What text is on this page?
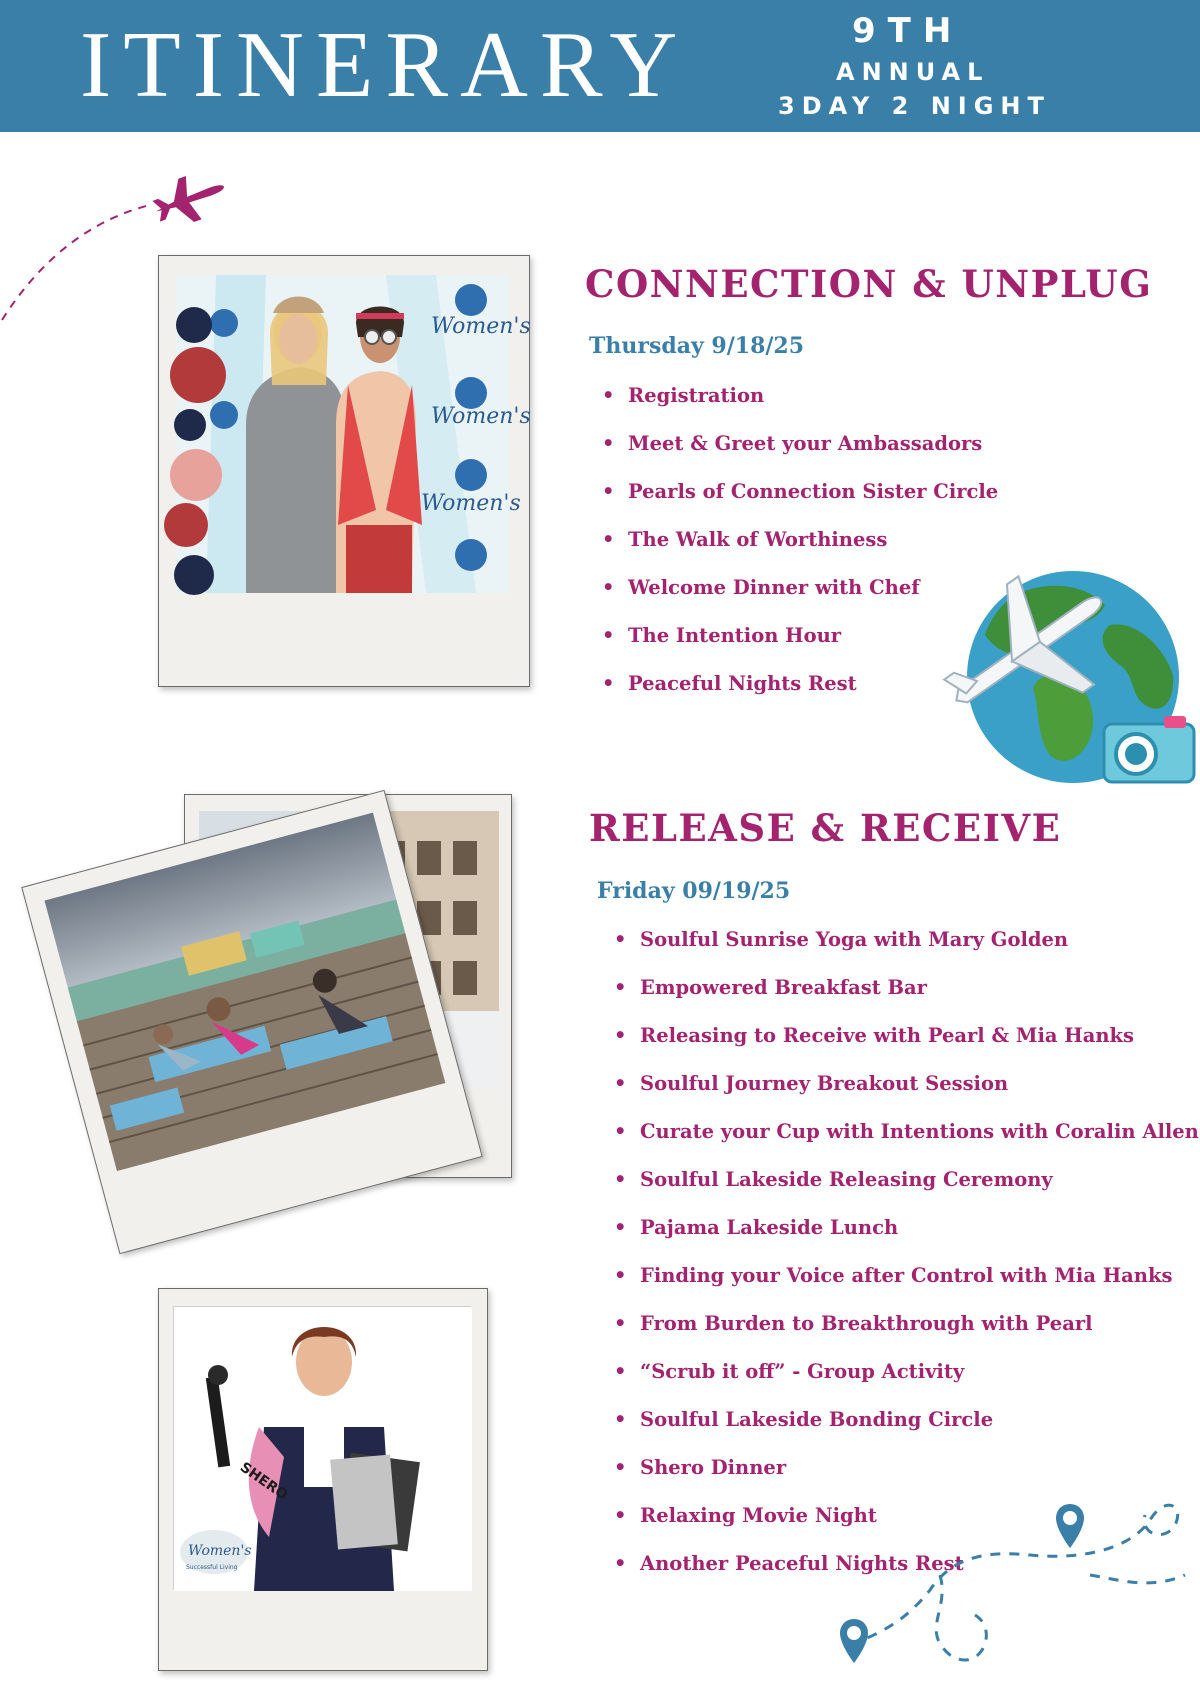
ITINERARY	9TH
ANNUAL
3DAY 2 NIGHT
Women's
Women's
Women's
CONNECTION & UNPLUG
Thursday 9/18/25
• Registration
• Meet & Greet your Ambassadors
• Pearls of Connection Sister Circle
• The Walk of Worthiness
• Welcome Dinner with Chef
• The Intention Hour
• Peaceful Nights Rest
SHERO
Women's
Successful Living
RELEASE & RECEIVE
Friday 09/19/25
• Soulful Sunrise Yoga with Mary Golden
• Empowered Breakfast Bar
• Releasing to Receive with Pearl & Mia Hanks
• Soulful Journey Breakout Session
• Curate your Cup with Intentions with Coralin Allen
• Soulful Lakeside Releasing Ceremony
• Pajama Lakeside Lunch
• Finding your Voice after Control with Mia Hanks
• From Burden to Breakthrough with Pearl
• “Scrub it off” - Group Activity
• Soulful Lakeside Bonding Circle
• Shero Dinner
• Relaxing Movie Night
• Another Peaceful Nights Rest
